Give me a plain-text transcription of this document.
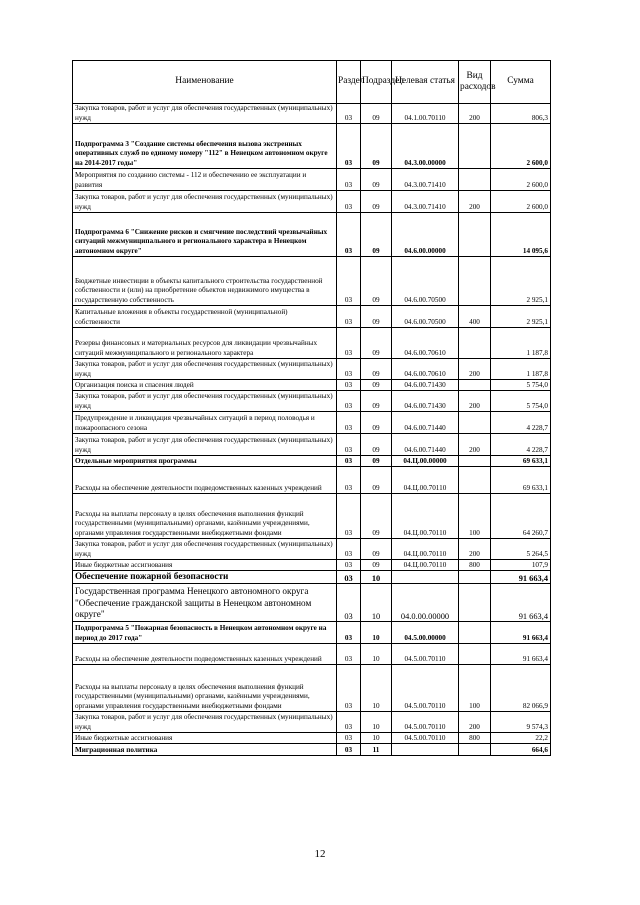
Наименование	Раздел	Подраздел	Целевая статья	Вид расходов	Сумма
Закупка товаров, работ и услуг для обеспечения государственных (муниципальных) нужд	03	09	04.1.00.70110	200	806,3
Подпрограмма 3 "Создание системы обеспечения вызова экстренных оперативных служб по единому номеру "112" в Ненецком автономном округе на 2014-2017 годы"	03	09	04.3.00.00000		2 600,0
Мероприятия по созданию системы - 112 и обеспечению ее эксплуатации и развития	03	09	04.3.00.71410		2 600,0
Закупка товаров, работ и услуг для обеспечения государственных (муниципальных) нужд	03	09	04.3.00.71410	200	2 600,0
Подпрограмма 6 "Снижение рисков и смягчение последствий чрезвычайных ситуаций межмуниципального и регионального характера в Ненецком автономном округе"	03	09	04.6.00.00000		14 095,6
Бюджетные инвестиции в объекты капитального строительства государственной собственности и (или) на приобретение объектов недвижимого имущества в государственную собственность	03	09	04.6.00.70500		2 925,1
Капитальные вложения в объекты государственной (муниципальной) собственности	03	09	04.6.00.70500	400	2 925,1
Резервы финансовых и материальных ресурсов для ликвидации чрезвычайных ситуаций межмуниципального и регионального характера	03	09	04.6.00.70610		1 187,8
Закупка товаров, работ и услуг для обеспечения государственных (муниципальных) нужд	03	09	04.6.00.70610	200	1 187,8
Организация поиска и спасения людей	03	09	04.6.00.71430		5 754,0
Закупка товаров, работ и услуг для обеспечения государственных (муниципальных) нужд	03	09	04.6.00.71430	200	5 754,0
Предупреждение и ликвидация чрезвычайных ситуаций в период половодья и пожароопасного сезона	03	09	04.6.00.71440		4 228,7
Закупка товаров, работ и услуг для обеспечения государственных (муниципальных) нужд	03	09	04.6.00.71440	200	4 228,7
Отдельные мероприятия программы	03	09	04.Ц.00.00000		69 633,1
Расходы на обеспечение деятельности подведомственных казенных учреждений	03	09	04.Ц.00.70110		69 633,1
Расходы на выплаты персоналу в целях обеспечения выполнения функций государственными (муниципальными) органами, казёнными учреждениями, органами управления государственными внебюджетными фондами	03	09	04.Ц.00.70110	100	64 260,7
Закупка товаров, работ и услуг для обеспечения государственных (муниципальных) нужд	03	09	04.Ц.00.70110	200	5 264,5
Иные бюджетные ассигнования	03	09	04.Ц.00.70110	800	107,9
Обеспечение пожарной безопасности	03	10			91 663,4
Государственная программа Ненецкого автономного округа "Обеспечение гражданской защиты в Ненецком автономном округе"	03	10	04.0.00.00000		91 663,4
Подпрограмма 5 "Пожарная безопасность в Ненецком автономном округе на период до 2017 года"	03	10	04.5.00.00000		91 663,4
Расходы на обеспечение деятельности подведомственных казенных учреждений	03	10	04.5.00.70110		91 663,4
Расходы на выплаты персоналу в целях обеспечения выполнения функций государственными (муниципальными) органами, казёнными учреждениями, органами управления государственными внебюджетными фондами	03	10	04.5.00.70110	100	82 066,9
Закупка товаров, работ и услуг для обеспечения государственных (муниципальных) нужд	03	10	04.5.00.70110	200	9 574,3
Иные бюджетные ассигнования	03	10	04.5.00.70110	800	22,2
Миграционная политика	03	11			664,6
12
